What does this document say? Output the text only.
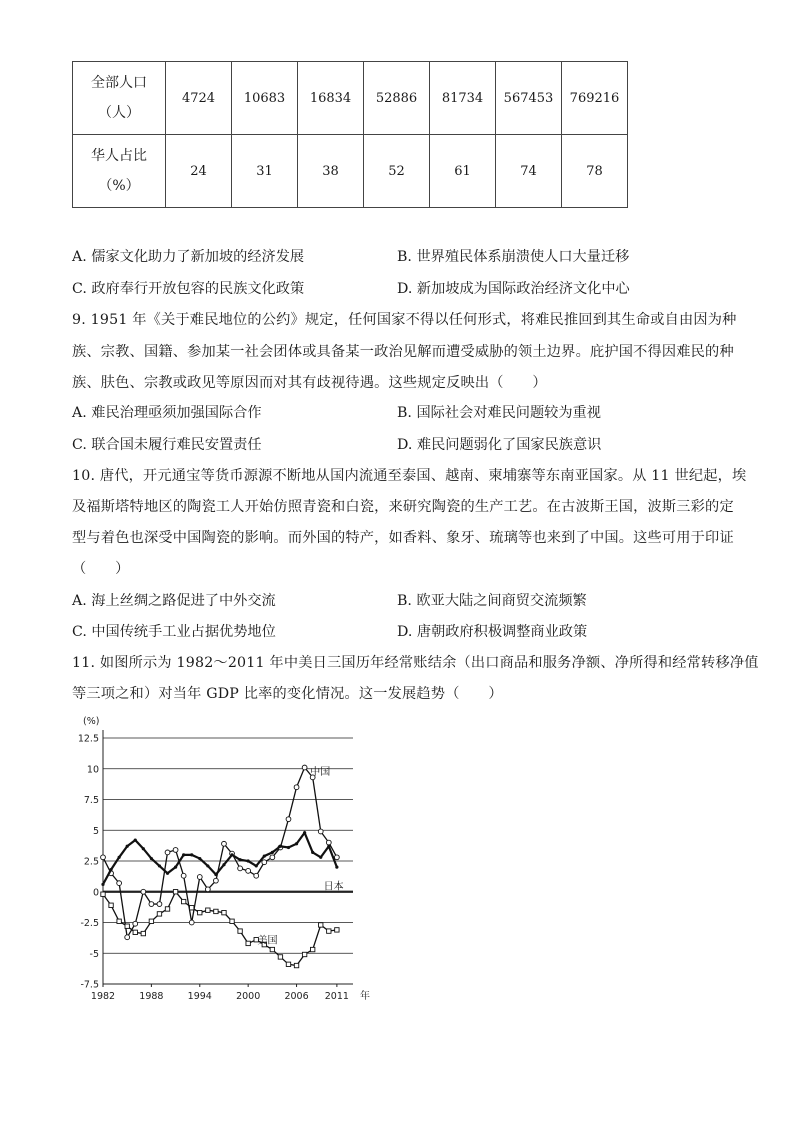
全部人口
（人）	4724	10683	16834	52886	81734	567453	769216

华人占比
（%）	24	31	38	52	61	74	78
A. 儒家文化助力了新加坡的经济发展	B. 世界殖民体系崩溃使人口大量迁移
C. 政府奉行开放包容的民族文化政策	D. 新加坡成为国际政治经济文化中心
9. 1951 年《关于难民地位的公约》规定，任何国家不得以任何形式，将难民推回到其生命或自由因为种
族、宗教、国籍、参加某一社会团体或具备某一政治见解而遭受威胁的领土边界。庇护国不得因难民的种
族、肤色、宗教或政见等原因而对其有歧视待遇。这些规定反映出（　　）
A. 难民治理亟须加强国际合作	B. 国际社会对难民问题较为重视
C. 联合国未履行难民安置责任	D. 难民问题弱化了国家民族意识
10. 唐代，开元通宝等货币源源不断地从国内流通至泰国、越南、柬埔寨等东南亚国家。从 11 世纪起，埃
及福斯塔特地区的陶瓷工人开始仿照青瓷和白瓷，来研究陶瓷的生产工艺。在古波斯王国，波斯三彩的定
型与着色也深受中国陶瓷的影响。而外国的特产，如香料、象牙、琉璃等也来到了中国。这些可用于印证
（　　）
A. 海上丝绸之路促进了中外交流	B. 欧亚大陆之间商贸交流频繁
C. 中国传统手工业占据优势地位	D. 唐朝政府积极调整商业政策
11. 如图所示为 1982～2011 年中美日三国历年经常账结余（出口商品和服务净额、净所得和经常转移净值
等三项之和）对当年 GDP 比率的变化情况。这一发展趋势（　　）
12.5
10
7.5
5
2.5
0
-2.5
-5
-7.5
1982	1988	1994	2000	2006 2011
(%)
年
中国
日本
美国
